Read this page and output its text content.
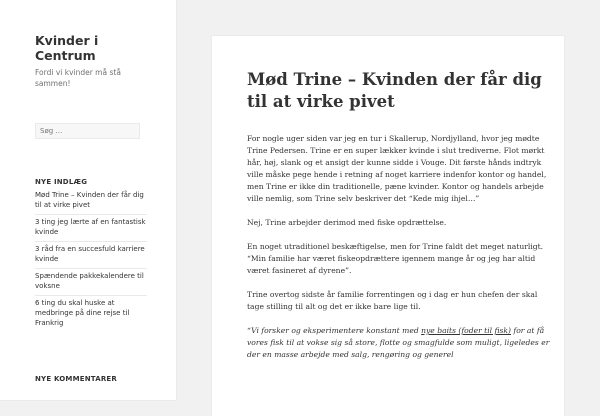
Kvinder i Centrum
Fordi vi kvinder må stå sammen!
Søg …
NYE INDLÆG
Mød Trine – Kvinden der får dig til at virke pivet
3 ting jeg lærte af en fantastisk kvinde
3 råd fra en succesfuld karriere kvinde
Spændende pakkekalendere til voksne
6 ting du skal huske at medbringe på dine rejse til Frankrig
NYE KOMMENTARER
Mød Trine – Kvinden der får dig til at virke pivet

For nogle uger siden var jeg en tur i Skallerup, Nordjylland, hvor jeg mødte Trine Pedersen. Trine er en super lækker kvinde i slut trediverne. Flot mørkt hår, høj, slank og et ansigt der kunne sidde i Vouge. Dit første hånds indtryk ville måske pege hende i retning af noget karriere indenfor kontor og handel, men Trine er ikke din traditionelle, pæne kvinder. Kontor og handels arbejde ville nemlig, som Trine selv beskriver det “Kede mig ihjel…”

Nej, Trine arbejder derimod med fiske opdrættelse.

En noget utraditionel beskæftigelse, men for Trine faldt det meget naturligt. “Min familie har været fiskeopdrættere igennem mange år og jeg har altid været fasineret af dyrene”.

Trine overtog sidste år familie forrentingen og i dag er hun chefen der skal tage stilling til alt og det er ikke bare lige til.

“Vi forsker og eksperimentere konstant med nye baits (foder til fisk) for at få vores fisk til at vokse sig så store, flotte og smagfulde som muligt, ligeledes er der en masse arbejde med salg, rengøring og generel
